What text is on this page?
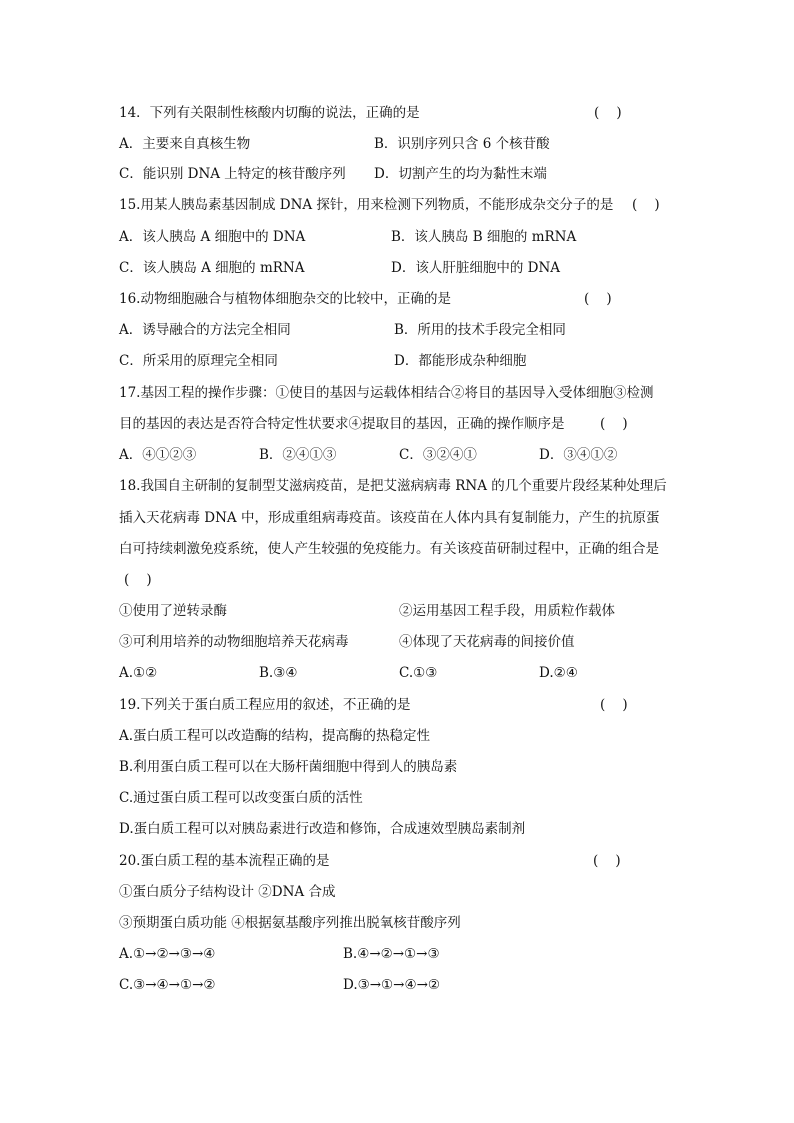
14．下列有关限制性核酸内切酶的说法，正确的是	(    )
A．主要来自真核生物	B．识别序列只含 6 个核苷酸
C．能识别 DNA 上特定的核苷酸序列 D．切割产生的均为黏性末端
15.用某人胰岛素基因制成 DNA 探针，用来检测下列物质，不能形成杂交分子的是 (    )
A．该人胰岛 A 细胞中的 DNA	B．该人胰岛 B 细胞的 mRNA
C．该人胰岛 A 细胞的 mRNA	D．该人肝脏细胞中的 DNA
16.动物细胞融合与植物体细胞杂交的比较中，正确的是	(    )
A．诱导融合的方法完全相同	B．所用的技术手段完全相同
C．所采用的原理完全相同	D．都能形成杂种细胞
17.基因工程的操作步骤：①使目的基因与运载体相结合②将目的基因导入受体细胞③检测
目的基因的表达是否符合特定性状要求④提取目的基因，正确的操作顺序是	(    )
A．④①②③	B．②④①③	C．③②④①	D．③④①②
18.我国自主研制的复制型艾滋病疫苗，是把艾滋病病毒 RNA 的几个重要片段经某种处理后
插入天花病毒 DNA 中，形成重组病毒疫苗。该疫苗在人体内具有复制能力，产生的抗原蛋
白可持续刺激免疫系统，使人产生较强的免疫能力。有关该疫苗研制过程中，正确的组合是
(    )
①使用了逆转录酶	②运用基因工程手段，用质粒作载体
③可利用培养的动物细胞培养天花病毒	④体现了天花病毒的间接价值
A.①②	B.③④	C.①③	D.②④
19.下列关于蛋白质工程应用的叙述，不正确的是	(    )
A.蛋白质工程可以改造酶的结构，提高酶的热稳定性
B.利用蛋白质工程可以在大肠杆菌细胞中得到人的胰岛素
C.通过蛋白质工程可以改变蛋白质的活性
D.蛋白质工程可以对胰岛素进行改造和修饰，合成速效型胰岛素制剂
20.蛋白质工程的基本流程正确的是	(    )
①蛋白质分子结构设计 ②DNA 合成
③预期蛋白质功能 ④根据氨基酸序列推出脱氧核苷酸序列
A.①→②→③→④	B.④→②→①→③
C.③→④→①→②	D.③→①→④→②
